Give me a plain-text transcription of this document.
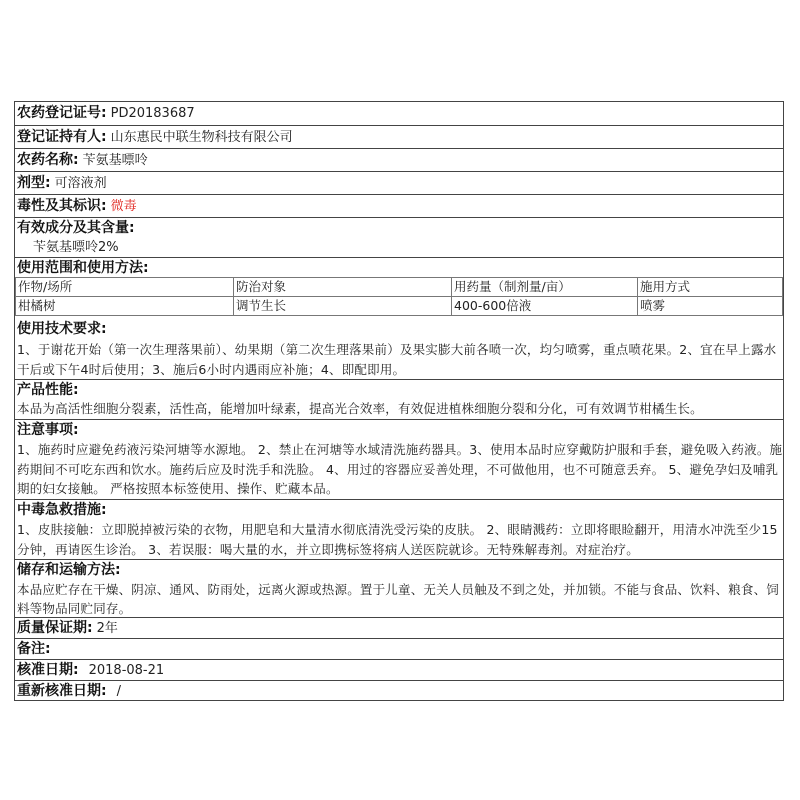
农药登记证号: PD20183687
登记证持有人: 山东惠民中联生物科技有限公司
农药名称: 苄氨基嘌呤
剂型: 可溶液剂
毒性及其标识: 微毒
有效成分及其含量:
苄氨基嘌呤2%
使用范围和使用方法:
作物/场所	防治对象	用药量（制剂量/亩）	施用方式
柑橘树	调节生长	400-600倍液	喷雾
使用技术要求:
1、于谢花开始（第一次生理落果前）、幼果期（第二次生理落果前）及果实膨大前各喷一次，均匀喷雾，重点喷花果。2、宜在早上露水干后或下午4时后使用；3、施后6小时内遇雨应补施；4、即配即用。
产品性能:
本品为高活性细胞分裂素，活性高，能增加叶绿素，提高光合效率，有效促进植株细胞分裂和分化，可有效调节柑橘生长。
注意事项:
1、施药时应避免药液污染河塘等水源地。 2、禁止在河塘等水域清洗施药器具。3、使用本品时应穿戴防护服和手套，避免吸入药液。施药期间不可吃东西和饮水。施药后应及时洗手和洗脸。 4、用过的容器应妥善处理，不可做他用，也不可随意丢弃。 5、避免孕妇及哺乳期的妇女接触。 严格按照本标签使用、操作、贮藏本品。
中毒急救措施:
1、皮肤接触：立即脱掉被污染的衣物，用肥皂和大量清水彻底清洗受污染的皮肤。 2、眼睛溅药：立即将眼睑翻开，用清水冲洗至少15分钟，再请医生诊治。 3、若误服：喝大量的水，并立即携标签将病人送医院就诊。无特殊解毒剂。对症治疗。
储存和运输方法:
本品应贮存在干燥、阴凉、通风、防雨处，远离火源或热源。置于儿童、无关人员触及不到之处，并加锁。不能与食品、饮料、粮食、饲料等物品同贮同存。
质量保证期: 2年
备注:
核准日期: 2018-08-21
重新核准日期: /
